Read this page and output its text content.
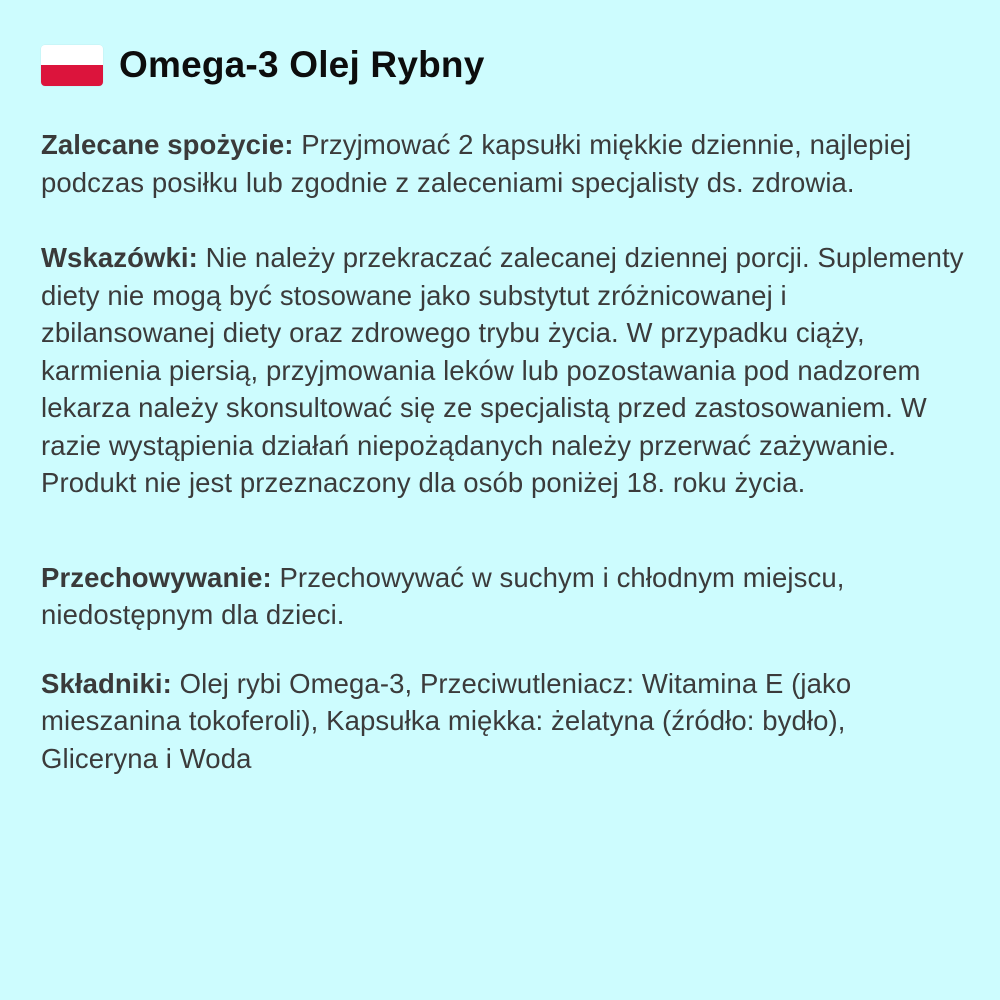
Omega-3 Olej Rybny

Zalecane spożycie: Przyjmować 2 kapsułki miękkie dziennie, najlepiej podczas posiłku lub zgodnie z zaleceniami specjalisty ds. zdrowia.

Wskazówki: Nie należy przekraczać zalecanej dziennej porcji. Suplementy diety nie mogą być stosowane jako substytut zróżnicowanej i zbilansowanej diety oraz zdrowego trybu życia. W przypadku ciąży, karmienia piersią, przyjmowania leków lub pozostawania pod nadzorem lekarza należy skonsultować się ze specjalistą przed zastosowaniem. W razie wystąpienia działań niepożądanych należy przerwać zażywanie. Produkt nie jest przeznaczony dla osób poniżej 18. roku życia.

Przechowywanie: Przechowywać w suchym i chłodnym miejscu, niedostępnym dla dzieci.

Składniki: Olej rybi Omega-3, Przeciwutleniacz: Witamina E (jako mieszanina tokoferoli), Kapsułka miękka: żelatyna (źródło: bydło), Gliceryna i Woda
